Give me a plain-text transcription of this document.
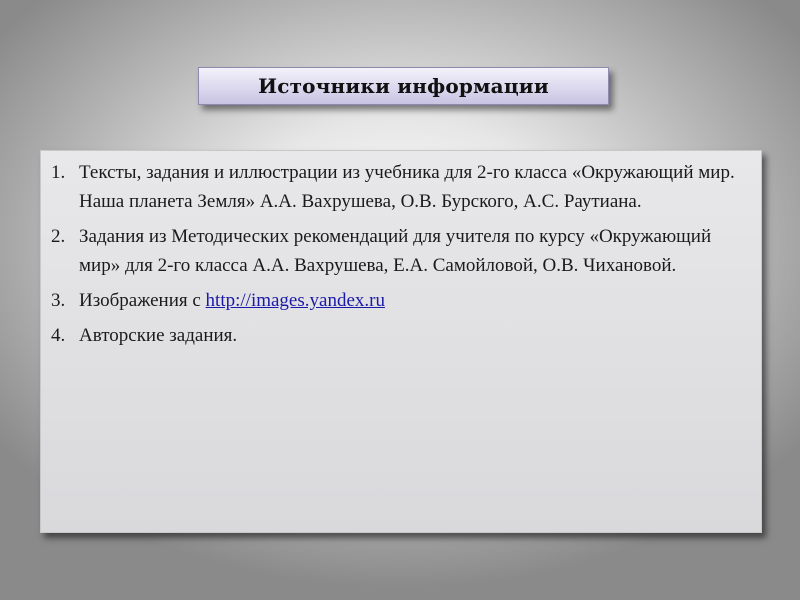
Источники информации
1. Тексты, задания и иллюстрации из учебника для 2-го класса «Окружающий мир. Наша планета Земля» А.А. Вахрушева, О.В. Бурского, А.С. Раутиана.
2. Задания из Методических рекомендаций для учителя по курсу «Окружающий мир» для 2-го класса А.А. Вахрушева, Е.А. Самойловой, О.В. Чихановой.
3. Изображения с http://images.yandex.ru
4. Авторские задания.
